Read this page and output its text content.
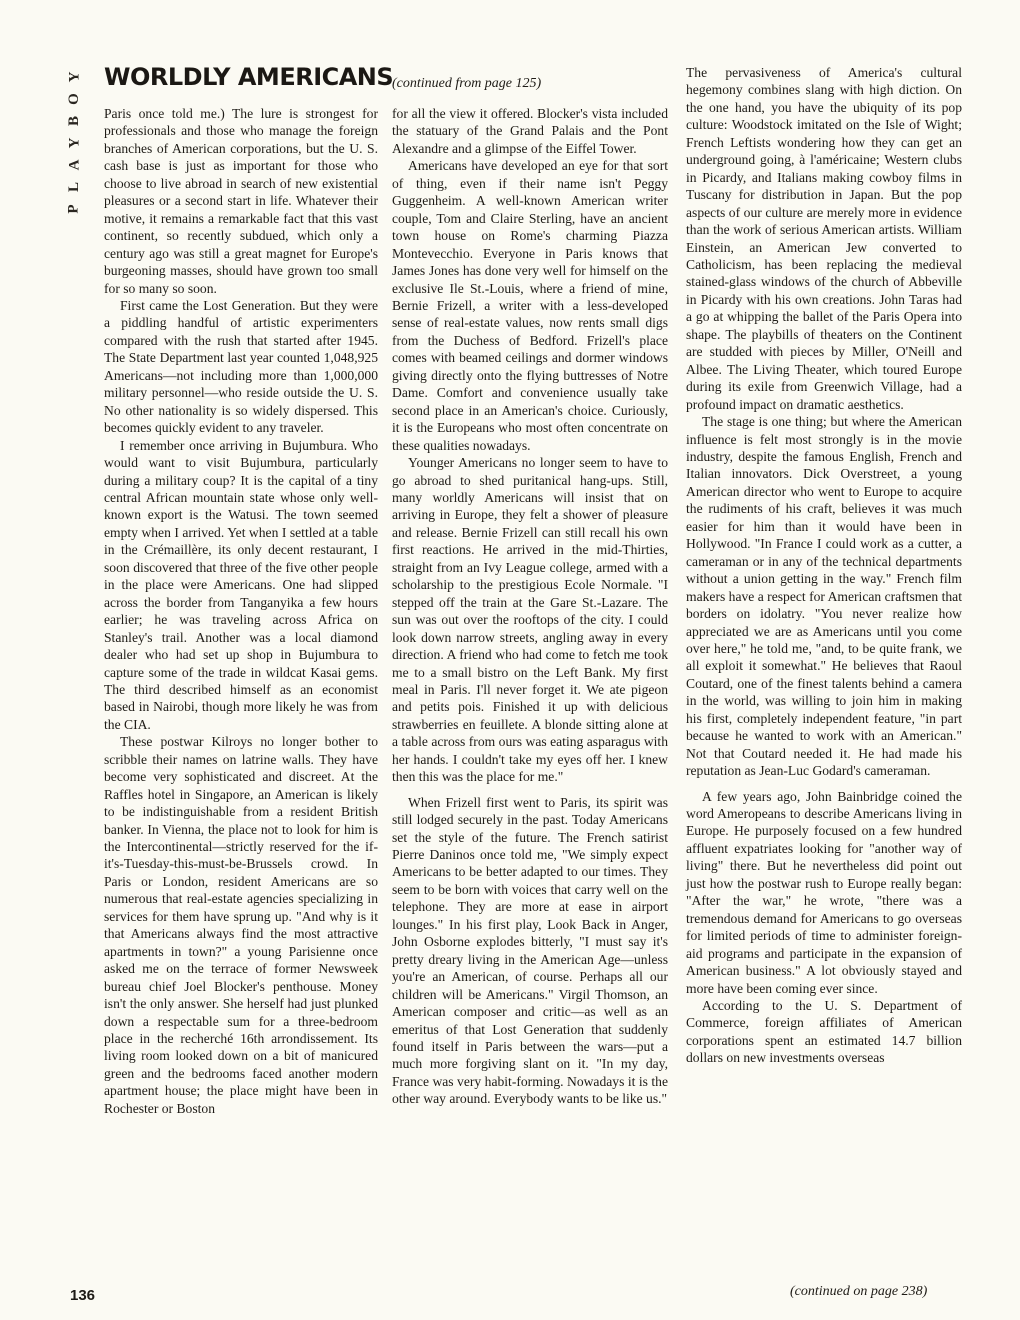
Y
O
B
Y
A
L
P
WORLDLY AMERICANS
(continued from page 125)

Paris once told me.) The lure is strongest for professionals and those who manage the foreign branches of American corporations, but the U. S. cash base is just as important for those who choose to live abroad in search of new existential pleasures or a second start in life. Whatever their motive, it remains a remarkable fact that this vast continent, so recently subdued, which only a century ago was still a great magnet for Europe's burgeoning masses, should have grown too small for so many so soon.

First came the Lost Generation. But they were a piddling handful of artistic experimenters compared with the rush that started after 1945. The State Department last year counted 1,048,925 Americans—not including more than 1,000,000 military personnel—who reside outside the U. S. No other nationality is so widely dispersed. This becomes quickly evident to any traveler.

I remember once arriving in Bujumbura. Who would want to visit Bujumbura, particularly during a military coup? It is the capital of a tiny central African mountain state whose only well-known export is the Watusi. The town seemed empty when I arrived. Yet when I settled at a table in the Crémaillère, its only decent restaurant, I soon discovered that three of the five other people in the place were Americans. One had slipped across the border from Tanganyika a few hours earlier; he was traveling across Africa on Stanley's trail. Another was a local diamond dealer who had set up shop in Bujumbura to capture some of the trade in wildcat Kasai gems. The third described himself as an economist based in Nairobi, though more likely he was from the CIA.

These postwar Kilroys no longer bother to scribble their names on latrine walls. They have become very sophisticated and discreet. At the Raffles hotel in Singapore, an American is likely to be indistinguishable from a resident British banker. In Vienna, the place not to look for him is the Intercontinental—strictly reserved for the if-it's-Tuesday-this-must-be-Brussels crowd. In Paris or London, resident Americans are so numerous that real-estate agencies specializing in services for them have sprung up. "And why is it that Americans always find the most attractive apartments in town?" a young Parisienne once asked me on the terrace of former Newsweek bureau chief Joel Blocker's penthouse. Money isn't the only answer. She herself had just plunked down a respectable sum for a three-bedroom place in the recherché 16th arrondissement. Its living room looked down on a bit of manicured green and the bedrooms faced another modern apartment house; the place might have been in Rochester or Boston

for all the view it offered. Blocker's vista included the statuary of the Grand Palais and the Pont Alexandre and a glimpse of the Eiffel Tower.

Americans have developed an eye for that sort of thing, even if their name isn't Peggy Guggenheim. A well-known American writer couple, Tom and Claire Sterling, have an ancient town house on Rome's charming Piazza Montevecchio. Everyone in Paris knows that James Jones has done very well for himself on the exclusive Ile St.-Louis, where a friend of mine, Bernie Frizell, a writer with a less-developed sense of real-estate values, now rents small digs from the Duchess of Bedford. Frizell's place comes with beamed ceilings and dormer windows giving directly onto the flying buttresses of Notre Dame. Comfort and convenience usually take second place in an American's choice. Curiously, it is the Europeans who most often concentrate on these qualities nowadays.

Younger Americans no longer seem to have to go abroad to shed puritanical hang-ups. Still, many worldly Americans will insist that on arriving in Europe, they felt a shower of pleasure and release. Bernie Frizell can still recall his own first reactions. He arrived in the mid-Thirties, straight from an Ivy League college, armed with a scholarship to the prestigious Ecole Normale. "I stepped off the train at the Gare St.-Lazare. The sun was out over the rooftops of the city. I could look down narrow streets, angling away in every direction. A friend who had come to fetch me took me to a small bistro on the Left Bank. My first meal in Paris. I'll never forget it. We ate pigeon and petits pois. Finished it up with delicious strawberries en feuillete. A blonde sitting alone at a table across from ours was eating asparagus with her hands. I couldn't take my eyes off her. I knew then this was the place for me."

When Frizell first went to Paris, its spirit was still lodged securely in the past. Today Americans set the style of the future. The French satirist Pierre Daninos once told me, "We simply expect Americans to be better adapted to our times. They seem to be born with voices that carry well on the telephone. They are more at ease in airport lounges." In his first play, Look Back in Anger, John Osborne explodes bitterly, "I must say it's pretty dreary living in the American Age—unless you're an American, of course. Perhaps all our children will be Americans." Virgil Thomson, an American composer and critic—as well as an emeritus of that Lost Generation that suddenly found itself in Paris between the wars—put a much more forgiving slant on it. "In my day, France was very habit-forming. Nowadays it is the other way around. Everybody wants to be like us."

The pervasiveness of America's cultural hegemony combines slang with high diction. On the one hand, you have the ubiquity of its pop culture: Woodstock imitated on the Isle of Wight; French Leftists wondering how they can get an underground going, à l'américaine; Western clubs in Picardy, and Italians making cowboy films in Tuscany for distribution in Japan. But the pop aspects of our culture are merely more in evidence than the work of serious American artists. William Einstein, an American Jew converted to Catholicism, has been replacing the medieval stained-glass windows of the church of Abbeville in Picardy with his own creations. John Taras had a go at whipping the ballet of the Paris Opera into shape. The playbills of theaters on the Continent are studded with pieces by Miller, O'Neill and Albee. The Living Theater, which toured Europe during its exile from Greenwich Village, had a profound impact on dramatic aesthetics.

The stage is one thing; but where the American influence is felt most strongly is in the movie industry, despite the famous English, French and Italian innovators. Dick Overstreet, a young American director who went to Europe to acquire the rudiments of his craft, believes it was much easier for him than it would have been in Hollywood. "In France I could work as a cutter, a cameraman or in any of the technical departments without a union getting in the way." French film makers have a respect for American craftsmen that borders on idolatry. "You never realize how appreciated we are as Americans until you come over here," he told me, "and, to be quite frank, we all exploit it somewhat." He believes that Raoul Coutard, one of the finest talents behind a camera in the world, was willing to join him in making his first, completely independent feature, "in part because he wanted to work with an American." Not that Coutard needed it. He had made his reputation as Jean-Luc Godard's cameraman.

A few years ago, John Bainbridge coined the word Ameropeans to describe Americans living in Europe. He purposely focused on a few hundred affluent expatriates looking for "another way of living" there. But he nevertheless did point out just how the postwar rush to Europe really began: "After the war," he wrote, "there was a tremendous demand for Americans to go overseas for limited periods of time to administer foreign-aid programs and participate in the expansion of American business." A lot obviously stayed and more have been coming ever since.

According to the U. S. Department of Commerce, foreign affiliates of American corporations spent an estimated 14.7 billion dollars on new investments overseas

(continued on page 238)
136
